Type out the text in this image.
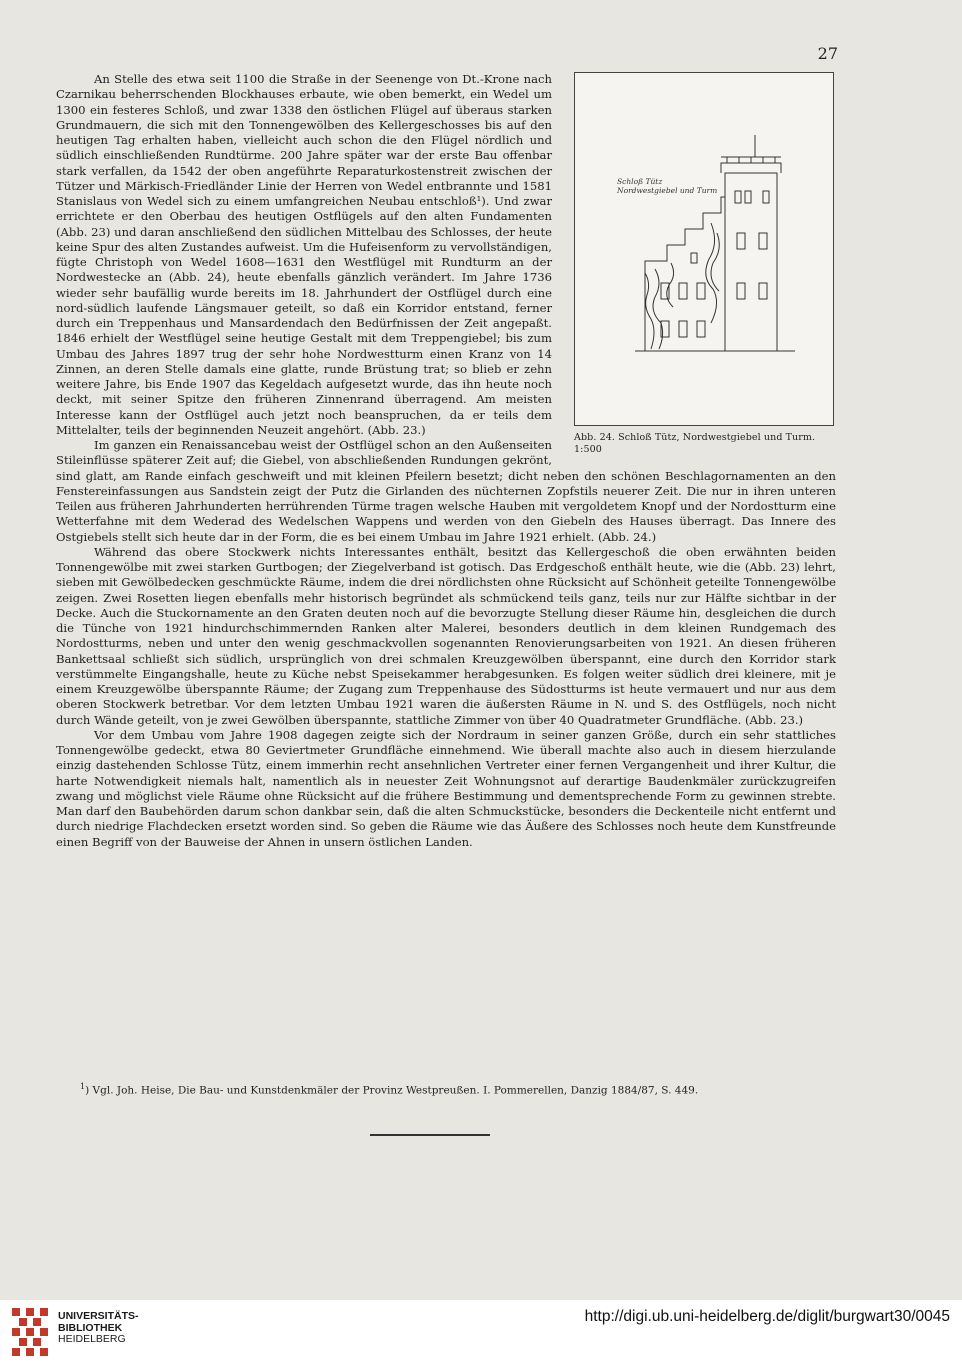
27
Schloß Tütz
Nordwestgiebel und Turm
Abb. 24. Schloß Tütz, Nordwestgiebel und Turm.
1:500

An Stelle des etwa seit 1100 die Straße in der Seenenge von Dt.-Krone nach Czarnikau beherrschenden Blockhauses erbaute, wie oben bemerkt, ein Wedel um 1300 ein festeres Schloß, und zwar 1338 den östlichen Flügel auf überaus starken Grundmauern, die sich mit den Tonnengewölben des Kellergeschosses bis auf den heutigen Tag erhalten haben, vielleicht auch schon die den Flügel nördlich und südlich einschließenden Rundtürme. 200 Jahre später war der erste Bau offenbar stark verfallen, da 1542 der oben angeführte Reparaturkostenstreit zwischen der Tützer und Märkisch-Friedländer Linie der Herren von Wedel entbrannte und 1581 Stanislaus von Wedel sich zu einem umfangreichen Neubau entschloß¹). Und zwar errichtete er den Oberbau des heutigen Ostflügels auf den alten Fundamenten (Abb. 23) und daran anschließend den südlichen Mittelbau des Schlosses, der heute keine Spur des alten Zustandes aufweist. Um die Hufeisenform zu vervollständigen, fügte Christoph von Wedel 1608—1631 den Westflügel mit Rundturm an der Nordwestecke an (Abb. 24), heute ebenfalls gänzlich verändert. Im Jahre 1736 wieder sehr baufällig wurde bereits im 18. Jahrhundert der Ostflügel durch eine nord-südlich laufende Längsmauer geteilt, so daß ein Korridor entstand, ferner durch ein Treppenhaus und Mansardendach den Bedürfnissen der Zeit angepaßt. 1846 erhielt der Westflügel seine heutige Gestalt mit dem Treppengiebel; bis zum Umbau des Jahres 1897 trug der sehr hohe Nordwestturm einen Kranz von 14 Zinnen, an deren Stelle damals eine glatte, runde Brüstung trat; so blieb er zehn weitere Jahre, bis Ende 1907 das Kegeldach aufgesetzt wurde, das ihn heute noch deckt, mit seiner Spitze den früheren Zinnenrand überragend. Am meisten Interesse kann der Ostflügel auch jetzt noch beanspruchen, da er teils dem Mittelalter, teils der beginnenden Neuzeit angehört. (Abb. 23.)

Im ganzen ein Renaissancebau weist der Ostflügel schon an den Außenseiten Stileinflüsse späterer Zeit auf; die Giebel, von abschließenden Rundungen gekrönt, sind glatt, am Rande einfach geschweift und mit kleinen Pfeilern besetzt; dicht neben den schönen Beschlagornamenten an den Fenstereinfassungen aus Sandstein zeigt der Putz die Girlanden des nüchternen Zopfstils neuerer Zeit. Die nur in ihren unteren Teilen aus früheren Jahrhunderten herrührenden Türme tragen welsche Hauben mit vergoldetem Knopf und der Nordostturm eine Wetterfahne mit dem Wederad des Wedelschen Wappens und werden von den Giebeln des Hauses überragt. Das Innere des Ostgiebels stellt sich heute dar in der Form, die es bei einem Umbau im Jahre 1921 erhielt. (Abb. 24.)

Während das obere Stockwerk nichts Interessantes enthält, besitzt das Kellergeschoß die oben erwähnten beiden Tonnengewölbe mit zwei starken Gurtbogen; der Ziegelverband ist gotisch. Das Erdgeschoß enthält heute, wie die (Abb. 23) lehrt, sieben mit Gewölbedecken geschmückte Räume, indem die drei nördlichsten ohne Rücksicht auf Schönheit geteilte Tonnengewölbe zeigen. Zwei Rosetten liegen ebenfalls mehr historisch begründet als schmückend teils ganz, teils nur zur Hälfte sichtbar in der Decke. Auch die Stuckornamente an den Graten deuten noch auf die bevorzugte Stellung dieser Räume hin, desgleichen die durch die Tünche von 1921 hindurchschimmernden Ranken alter Malerei, besonders deutlich in dem kleinen Rundgemach des Nordostturms, neben und unter den wenig geschmackvollen sogenannten Renovierungsarbeiten von 1921. An diesen früheren Bankettsaal schließt sich südlich, ursprünglich von drei schmalen Kreuzgewölben überspannt, eine durch den Korridor stark verstümmelte Eingangshalle, heute zu Küche nebst Speisekammer herabgesunken. Es folgen weiter südlich drei kleinere, mit je einem Kreuzgewölbe überspannte Räume; der Zugang zum Treppenhause des Südostturms ist heute vermauert und nur aus dem oberen Stockwerk betretbar. Vor dem letzten Umbau 1921 waren die äußersten Räume in N. und S. des Ostflügels, noch nicht durch Wände geteilt, von je zwei Gewölben überspannte, stattliche Zimmer von über 40 Quadratmeter Grundfläche. (Abb. 23.)

Vor dem Umbau vom Jahre 1908 dagegen zeigte sich der Nordraum in seiner ganzen Größe, durch ein sehr stattliches Tonnengewölbe gedeckt, etwa 80 Geviertmeter Grundfläche einnehmend. Wie überall machte also auch in diesem hierzulande einzig dastehenden Schlosse Tütz, einem immerhin recht ansehnlichen Vertreter einer fernen Vergangenheit und ihrer Kultur, die harte Notwendigkeit niemals halt, namentlich als in neuester Zeit Wohnungsnot auf derartige Baudenkmäler zurückzugreifen zwang und möglichst viele Räume ohne Rücksicht auf die frühere Bestimmung und dementsprechende Form zu gewinnen strebte. Man darf den Baubehörden darum schon dankbar sein, daß die alten Schmuckstücke, besonders die Deckenteile nicht entfernt und durch niedrige Flachdecken ersetzt worden sind. So geben die Räume wie das Äußere des Schlosses noch heute dem Kunstfreunde einen Begriff von der Bauweise der Ahnen in unsern östlichen Landen.

$^1$) Vgl. Joh. Heise, Die Bau- und Kunstdenkmäler der Provinz Westpreußen. I. Pommerellen, Danzig 1884/87, S. 449.
UNIVERSITÄTS-
BIBLIOTHEK
HEIDELBERG
http://digi.ub.uni-heidelberg.de/diglit/burgwart30/0045
